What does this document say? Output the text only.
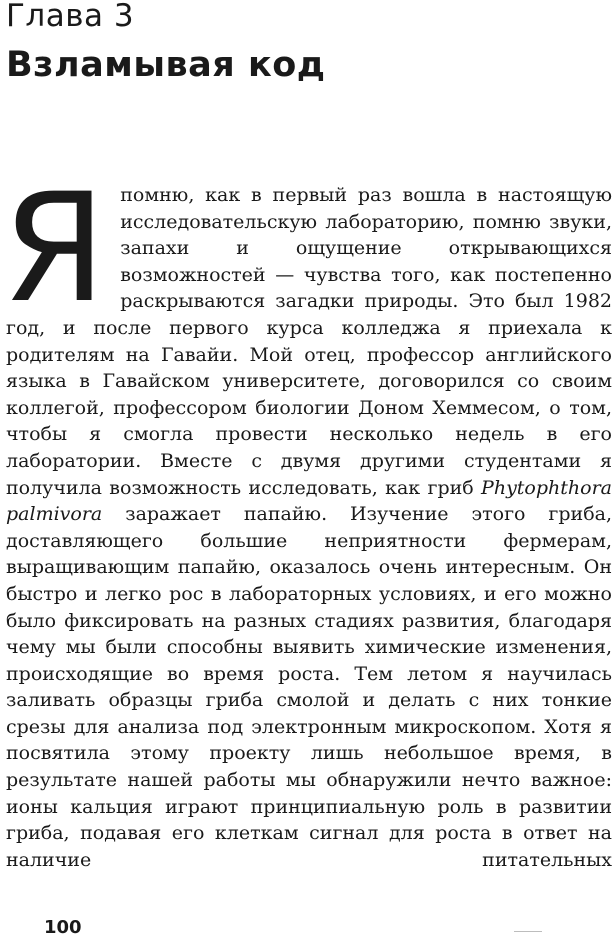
Глава 3
Взламывая код

Япомню, как в первый раз вошла в настоящую исследовательскую лабораторию, помню звуки, запахи и ощущение открывающихся возможностей — чувства того, как постепенно раскрываются загадки природы. Это был 1982 год, и после первого курса колледжа я приехала к родителям на Гавайи. Мой отец, профессор английского языка в Гавайском университете, договорился со своим коллегой, профессором биологии Доном Хеммесом, о том, чтобы я смогла провести несколько недель в его лаборатории. Вместе с двумя другими студентами я получила возможность исследовать, как гриб Phytophthora palmivora заражает папайю. Изучение этого гриба, доставляющего большие неприятности фермерам, выращивающим папайю, оказалось очень интересным. Он быстро и легко рос в лабораторных условиях, и его можно было фиксировать на разных стадиях развития, благодаря чему мы были способны выявить химические изменения, происходящие во время роста. Тем летом я научилась заливать образцы гриба смолой и делать с них тонкие срезы для анализа под электронным микроскопом. Хотя я посвятила этому проекту лишь небольшое время, в результате нашей работы мы обнаружили нечто важное: ионы кальция играют принципиальную роль в развитии гриба, подавая его клеткам сигнал для роста в ответ на наличие питательных

100
